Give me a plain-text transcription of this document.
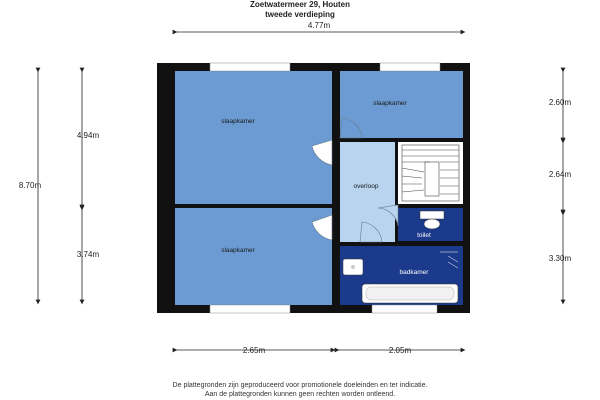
Zoetwatermeer 29, Houten
tweede verdieping
4.77m
8.70m
4.94m
3.74m
2.60m
2.64m
3.30m
2.65m	2.05m
slaapkamer
slaapkamer
slaapkamer
overloop
toilet
badkamer
De plattegronden zijn geproduceerd voor promotionele doeleinden en ter indicatie.
Aan de plattegronden kunnen geen rechten worden ontleend.
